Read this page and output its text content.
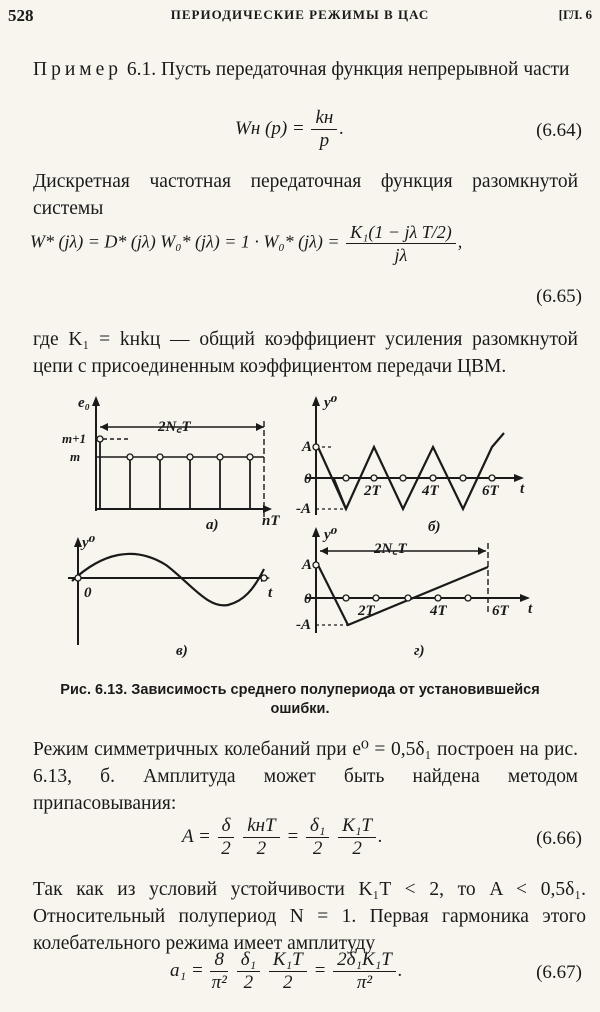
528	ПЕРИОДИЧЕСКИЕ РЕЖИМЫ В ЦАС	[ГЛ. 6
Пример 6.1. Пусть передаточная функция непрерывной части
Wн $(p) = \frac{kн}{p}$ .	(6.64)
Дискретная частотная передаточная функция разомкнутой системы
W* (jλ) = D* (jλ) W₀* (jλ) = 1 · W₀* $(j\lambda) = \frac{\text{K₁(1 − jλ T/2)}}{j\lambda}$ ,
(6.65)
где K₁ = kнkц — общий коэффициент усиления разомкнутой цепи с присоединенным коэффициентом передачи ЦВМ.
e₀
m+1
m
2N꜀T
nT
а)
y⁰
A
0
-A
2T	4T	6T t
б)
y⁰
0	t
в)
y⁰
A
0
-A
2N꜀T
2T	4T	6T t
г)
Рис. 6.13. Зависимость среднего полупериода от установившейся ошибки.
Режим симметричных колебаний при e⁰ = 0,5δ₁ построен на рис. 6.13, б. Амплитуда может быть найдена методом припасовывания:
$A = \frac{\delta}{2}$
$\frac{\text{kнT}}{2} = \frac{\text{δ₁}}{2}$
$\frac{\text{K₁T}}{2}$ .	(6.66)
Так как из условий устойчивости K₁T < 2, то A < 0,5δ₁. Относительный полупериод N = 1. Первая гармоника этого колебательного режима имеет амплитуду
$a_1 = \frac{8}{\text{π²}}$
$\frac{\text{δ₁}}{2}$
$\frac{\text{K₁T}}{2} = \frac{\text{2δ₁K₁T}}{\text{π²}}$ .	(6.67)
